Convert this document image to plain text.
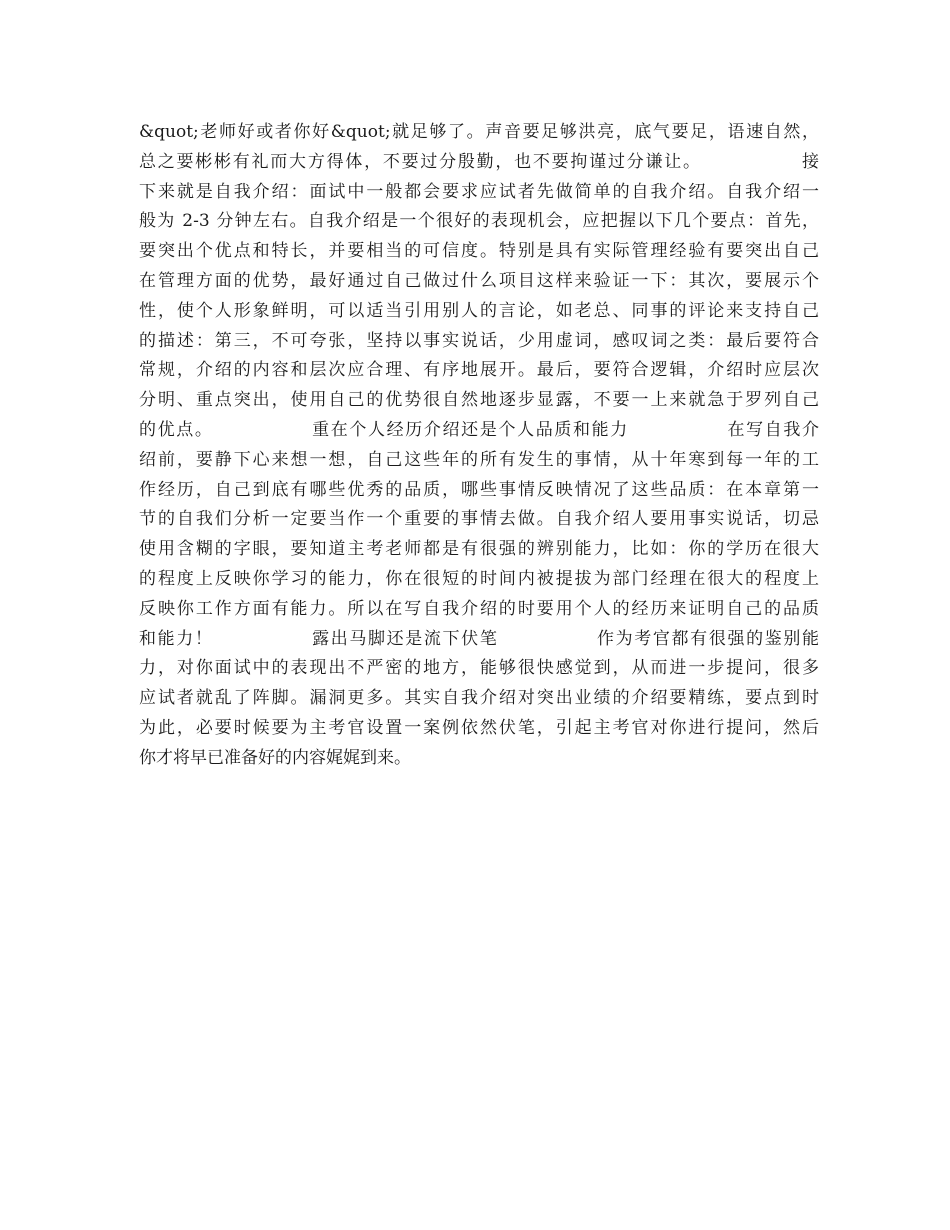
&quot;老师好或者你好&quot;就足够了。声音要足够洪亮，底气要足，语速自然，
总之要彬彬有礼而大方得体，不要过分殷勤，也不要拘谨过分谦让。              接
下来就是自我介绍：面试中一般都会要求应试者先做简单的自我介绍。自我介绍一
般为 2-3 分钟左右。自我介绍是一个很好的表现机会，应把握以下几个要点：首先，
要突出个优点和特长，并要相当的可信度。特别是具有实际管理经验有要突出自己
在管理方面的优势，最好通过自己做过什么项目这样来验证一下：其次，要展示个
性，使个人形象鲜明，可以适当引用别人的言论，如老总、同事的评论来支持自己
的描述：第三，不可夸张，坚持以事实说话，少用虚词，感叹词之类：最后要符合
常规，介绍的内容和层次应合理、有序地展开。最后，要符合逻辑，介绍时应层次
分明、重点突出，使用自己的优势很自然地逐步显露，不要一上来就急于罗列自己
的优点。              重在个人经历介绍还是个人品质和能力              在写自我介
绍前，要静下心来想一想，自己这些年的所有发生的事情，从十年寒到每一年的工
作经历，自己到底有哪些优秀的品质，哪些事情反映情况了这些品质：在本章第一
节的自我们分析一定要当作一个重要的事情去做。自我介绍人要用事实说话，切忌
使用含糊的字眼，要知道主考老师都是有很强的辨别能力，比如：你的学历在很大
的程度上反映你学习的能力，你在很短的时间内被提拔为部门经理在很大的程度上
反映你工作方面有能力。所以在写自我介绍的时要用个人的经历来证明自己的品质
和能力！              露出马脚还是流下伏笔              作为考官都有很强的鉴别能
力，对你面试中的表现出不严密的地方，能够很快感觉到，从而进一步提问，很多
应试者就乱了阵脚。漏洞更多。其实自我介绍对突出业绩的介绍要精练，要点到时
为此，必要时候要为主考官设置一案例依然伏笔，引起主考官对你进行提问，然后
你才将早已准备好的内容娓娓到来。
